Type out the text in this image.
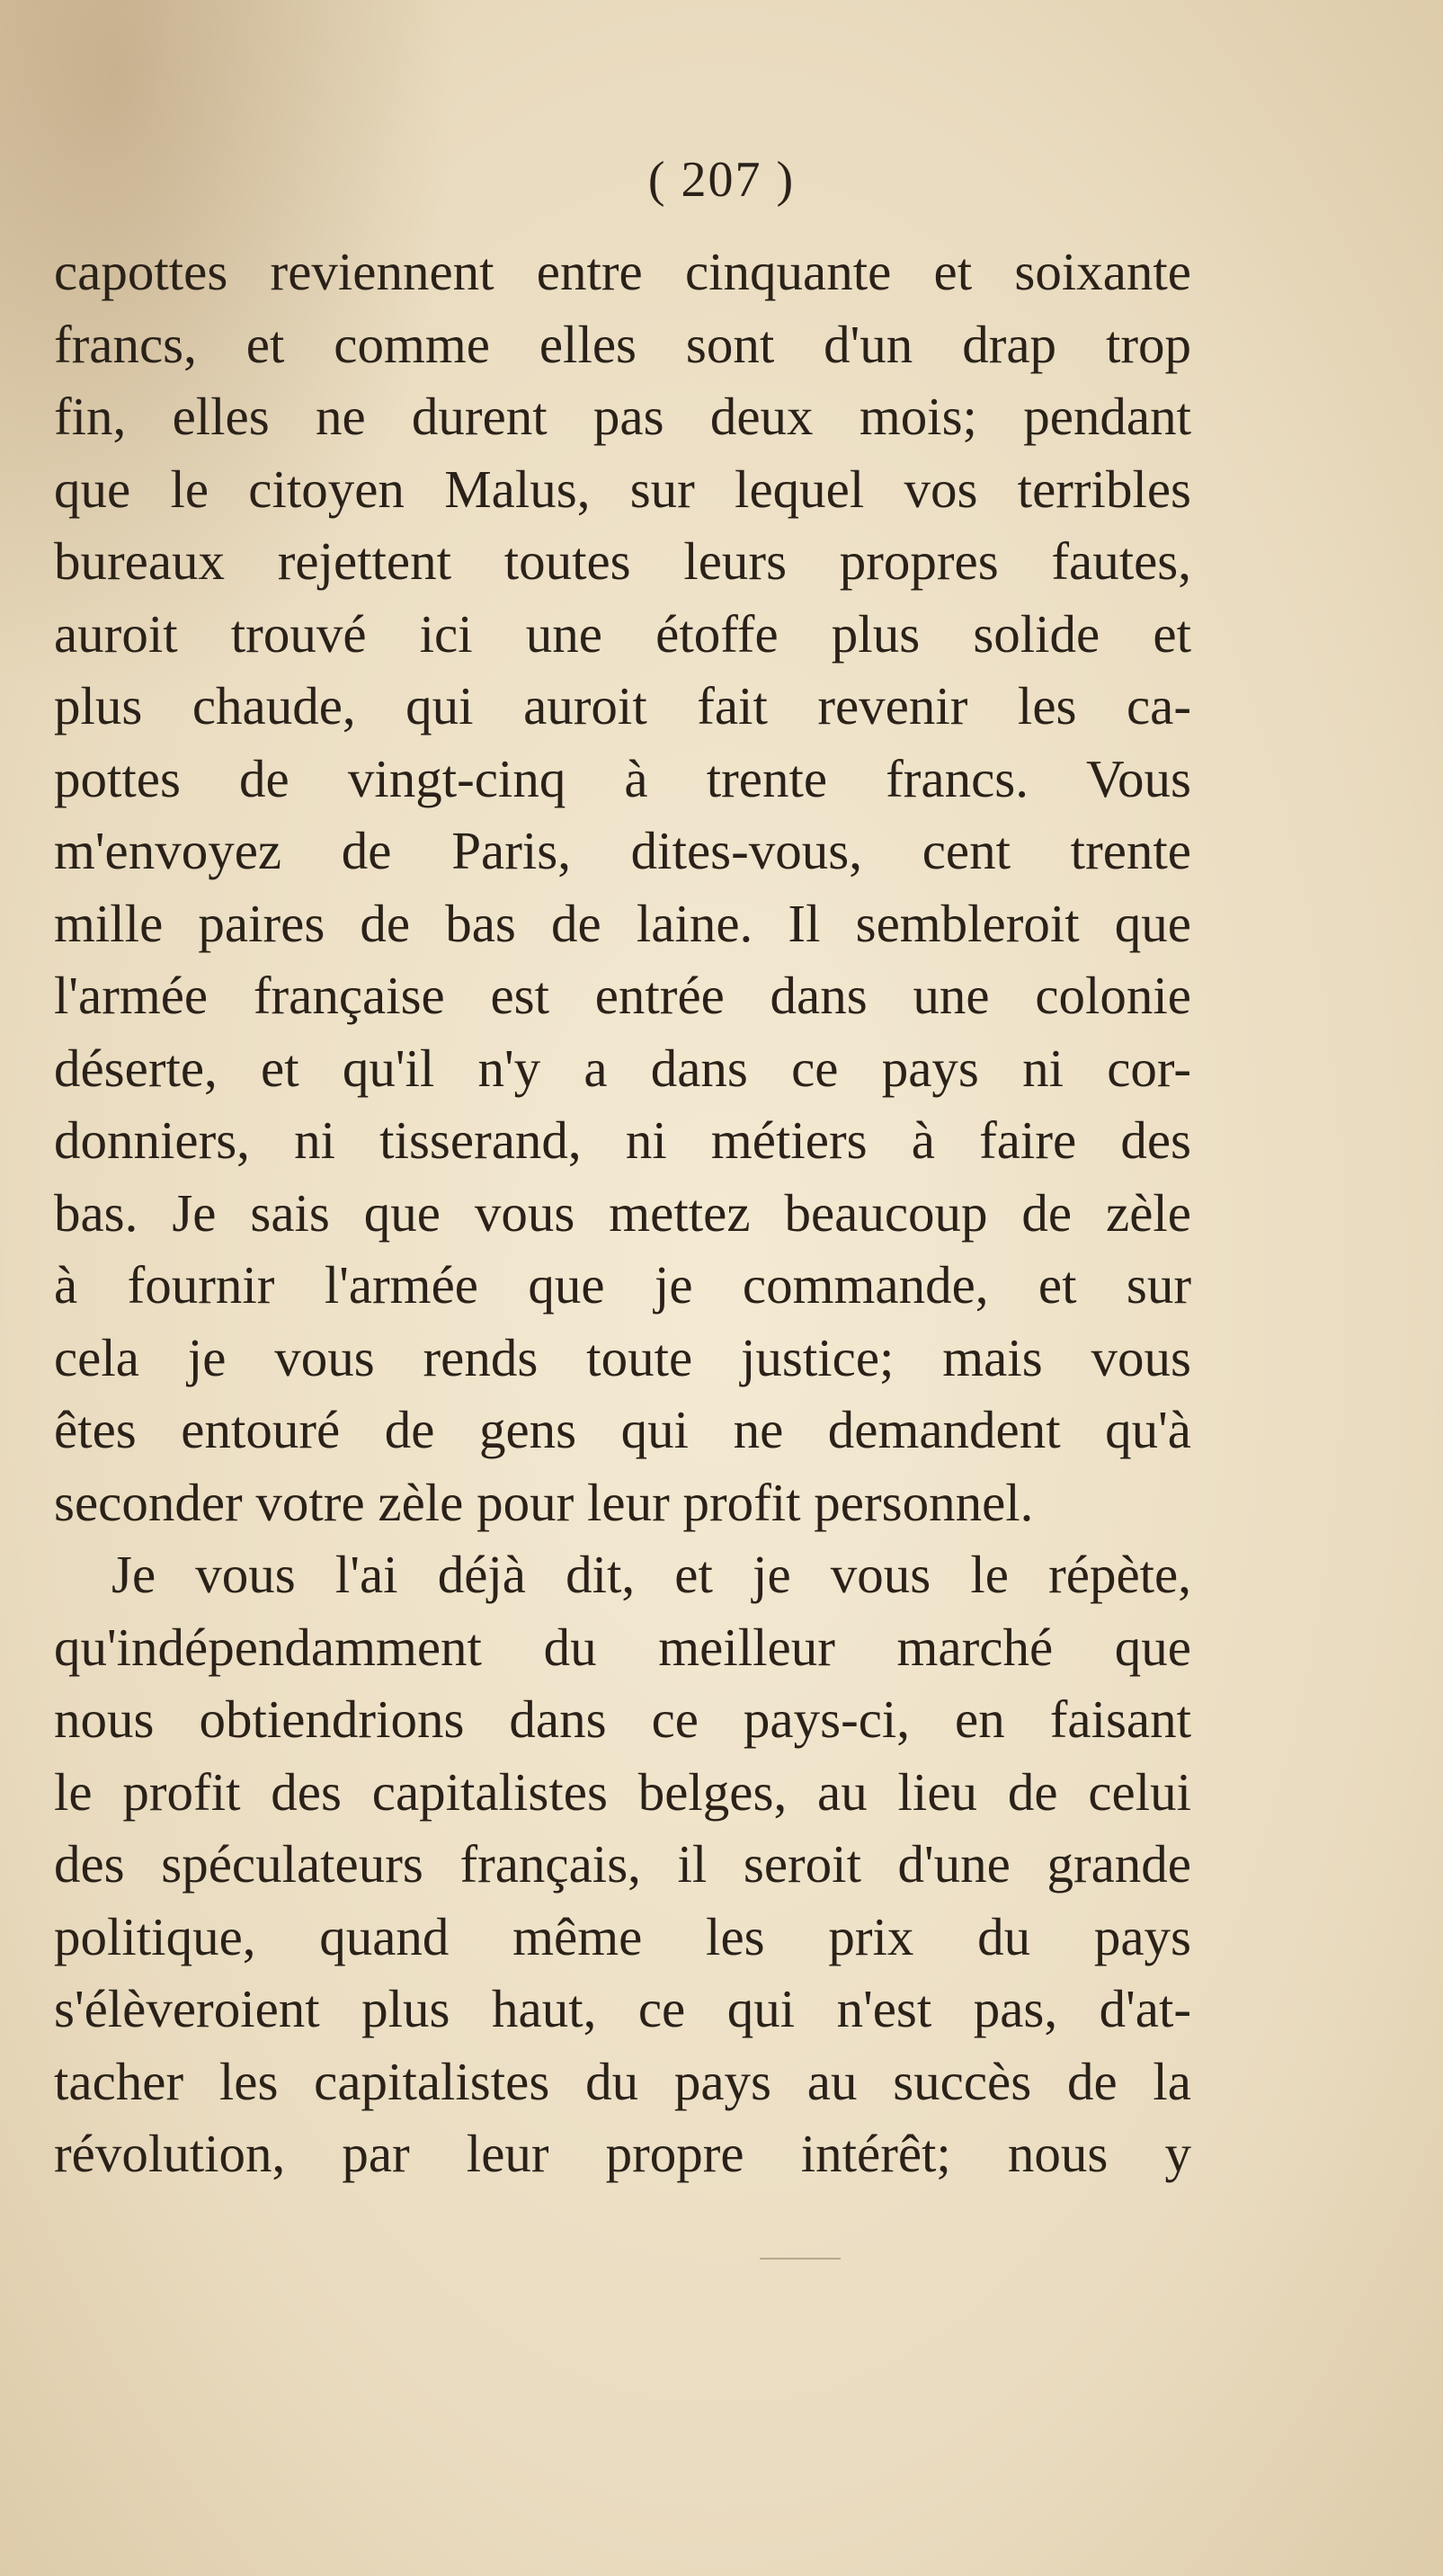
( 207 )
capottes reviennent entre cinquante et soixante
francs, et comme elles sont d'un drap trop
fin, elles ne durent pas deux mois; pendant
que le citoyen Malus, sur lequel vos terribles
bureaux rejettent toutes leurs propres fautes,
auroit trouvé ici une étoffe plus solide et
plus chaude, qui auroit fait revenir les ca-
pottes de vingt-cinq à trente francs. Vous
m'envoyez de Paris, dites-vous, cent trente
mille paires de bas de laine. Il sembleroit que
l'armée française est entrée dans une colonie
déserte, et qu'il n'y a dans ce pays ni cor-
donniers, ni tisserand, ni métiers à faire des
bas. Je sais que vous mettez beaucoup de zèle
à fournir l'armée que je commande, et sur
cela je vous rends toute justice; mais vous
êtes entouré de gens qui ne demandent qu'à
seconder votre zèle pour leur profit personnel.
Je vous l'ai déjà dit, et je vous le répète,
qu'indépendamment du meilleur marché que
nous obtiendrions dans ce pays-ci, en faisant
le profit des capitalistes belges, au lieu de celui
des spéculateurs français, il seroit d'une grande
politique, quand même les prix du pays
s'élèveroient plus haut, ce qui n'est pas, d'at-
tacher les capitalistes du pays au succès de la
révolution, par leur propre intérêt; nous y
